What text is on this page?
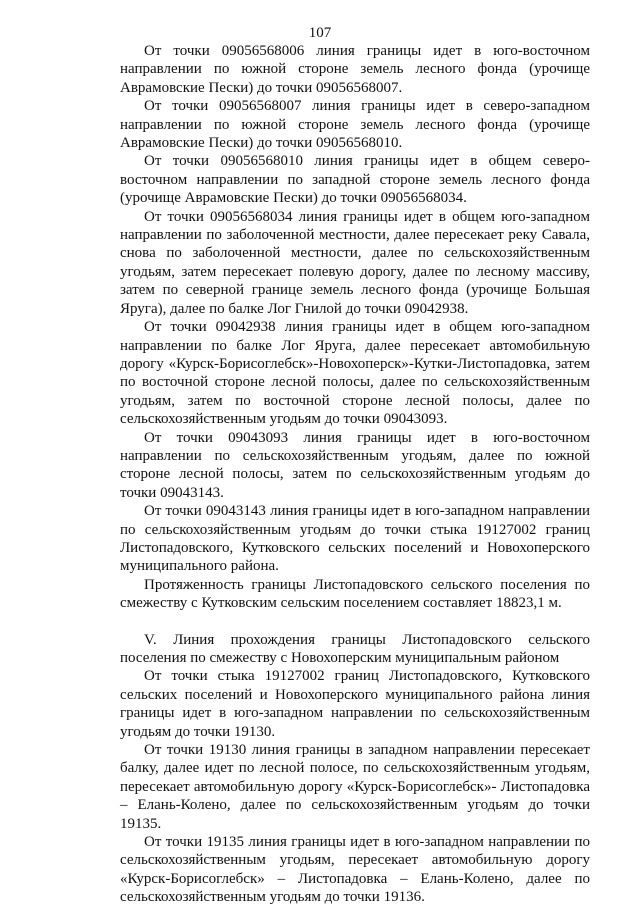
107

От точки 09056568006 линия границы идет в юго-восточном направлении по южной стороне земель лесного фонда (урочище Аврамовские Пески) до точки 09056568007.

От точки 09056568007 линия границы идет в северо-западном направлении по южной стороне земель лесного фонда (урочище Аврамовские Пески) до точки 09056568010.

От точки 09056568010 линия границы идет в общем северо-восточном направлении по западной стороне земель лесного фонда (урочище Аврамовские Пески) до точки 09056568034.

От точки 09056568034 линия границы идет в общем юго-западном направлении по заболоченной местности, далее пересекает реку Савала, снова по заболоченной местности, далее по сельскохозяйственным угодьям, затем пересекает полевую дорогу, далее по лесному массиву, затем по северной границе земель лесного фонда (урочище Большая Яруга), далее по балке Лог Гнилой до точки 09042938.

От точки 09042938 линия границы идет в общем юго-западном направлении по балке Лог Яруга, далее пересекает автомобильную дорогу «Курск-Борисоглебск»-Новохоперск»-Кутки-Листопадовка, затем по восточной стороне лесной полосы, далее по сельскохозяйственным угодьям, затем по восточной стороне лесной полосы, далее по сельскохозяйственным угодьям до точки 09043093.

От точки 09043093 линия границы идет в юго-восточном направлении по сельскохозяйственным угодьям, далее по южной стороне лесной полосы, затем по сельскохозяйственным угодьям до точки 09043143.

От точки 09043143 линия границы идет в юго-западном направлении по сельскохозяйственным угодьям до точки стыка 19127002 границ Листопадовского, Кутковского сельских поселений и Новохоперского муниципального района.

Протяженность границы Листопадовского сельского поселения по смежеству с Кутковским сельским поселением составляет 18823,1 м.

V. Линия прохождения границы Листопадовского сельского поселения по смежеству с Новохоперским муниципальным районом

От точки стыка 19127002 границ Листопадовского, Кутковского сельских поселений и Новохоперского муниципального района линия границы идет в юго-западном направлении по сельскохозяйственным угодьям до точки 19130.

От точки 19130 линия границы в западном направлении пересекает балку, далее идет по лесной полосе, по сельскохозяйственным угодьям, пересекает автомобильную дорогу «Курск-Борисоглебск»- Листопадовка – Елань-Колено, далее по сельскохозяйственным угодьям до точки 19135.

От точки 19135 линия границы идет в юго-западном направлении по сельскохозяйственным угодьям, пересекает автомобильную дорогу «Курск-Борисоглебск» – Листопадовка – Елань-Колено, далее по сельскохозяйственным угодьям до точки 19136.
